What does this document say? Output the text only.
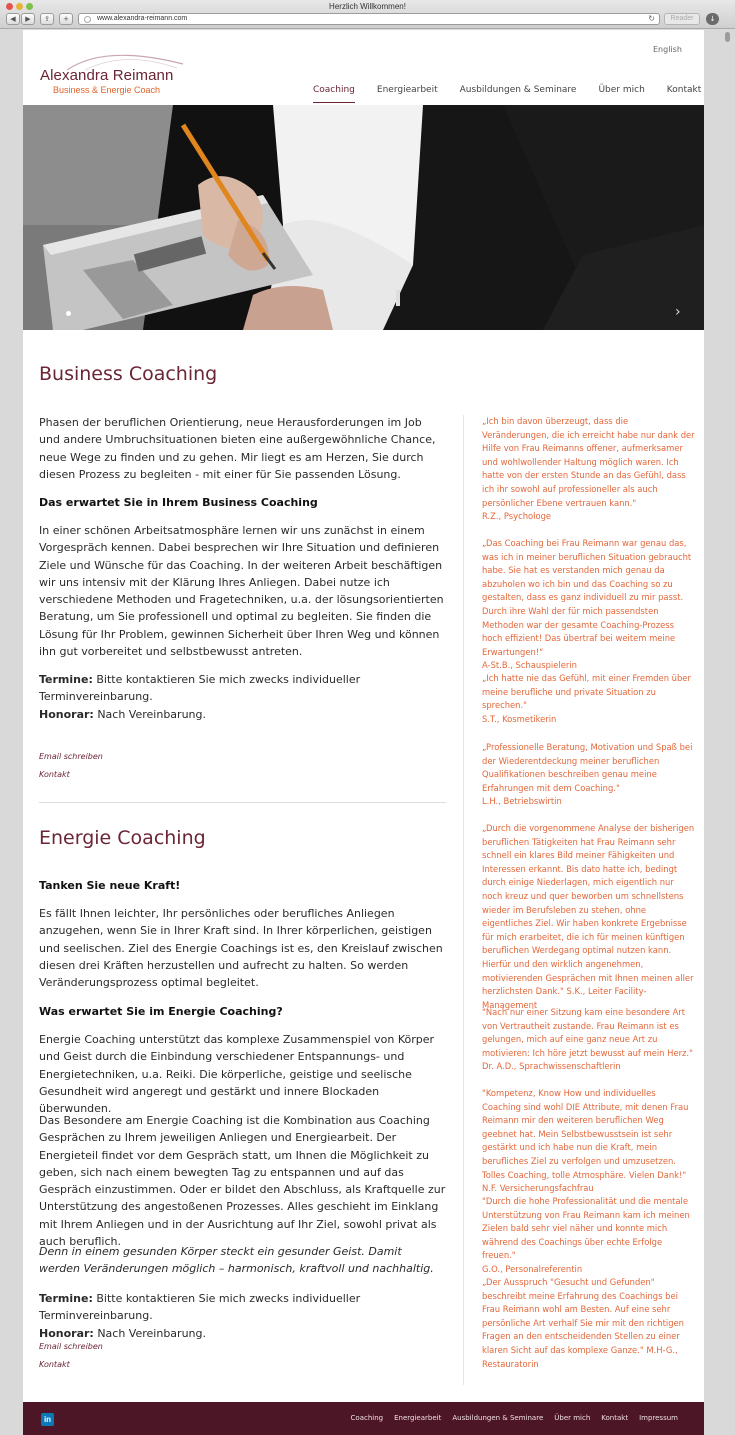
Herzlich Willkommen!
◀	▶	⇪	+	www.alexandra-reimann.com	↻	Reader	↓
Alexandra Reimann
Business & Energie Coach
English
Coaching Energiearbeit Ausbildungen & Seminare Über mich Kontakt
›
Business Coaching

Phasen der beruflichen Orientierung, neue Herausforderungen im Job und andere Umbruchsituationen bieten eine außergewöhnliche Chance, neue Wege zu finden und zu gehen. Mir liegt es am Herzen, Sie durch diesen Prozess zu begleiten - mit einer für Sie passenden Lösung.

Das erwartet Sie in Ihrem Business Coaching

In einer schönen Arbeitsatmosphäre lernen wir uns zunächst in einem Vorgespräch kennen. Dabei besprechen wir Ihre Situation und definieren Ziele und Wünsche für das Coaching. In der weiteren Arbeit beschäftigen wir uns intensiv mit der Klärung Ihres Anliegen. Dabei nutze ich verschiedene Methoden und Fragetechniken, u.a. der lösungsorientierten Beratung, um Sie professionell und optimal zu begleiten. Sie finden die Lösung für Ihr Problem, gewinnen Sicherheit über Ihren Weg und können ihn gut vorbereitet und selbstbewusst antreten.

Termine: Bitte kontaktieren Sie mich zwecks individueller Terminvereinbarung.
Honorar: Nach Vereinbarung.

Email schreiben
Kontakt
Energie Coaching
Tanken Sie neue Kraft!

Es fällt Ihnen leichter, Ihr persönliches oder berufliches Anliegen anzugehen, wenn Sie in Ihrer Kraft sind. In Ihrer körperlichen, geistigen und seelischen. Ziel des Energie Coachings ist es, den Kreislauf zwischen diesen drei Kräften herzustellen und aufrecht zu halten. So werden Veränderungsprozess optimal begleitet.

Was erwartet Sie im Energie Coaching?

Energie Coaching unterstützt das komplexe Zusammenspiel von Körper und Geist durch die Einbindung verschiedener Entspannungs- und Energietechniken, u.a. Reiki. Die körperliche, geistige und seelische Gesundheit wird angeregt und gestärkt und innere Blockaden überwunden.

Das Besondere am Energie Coaching ist die Kombination aus Coaching Gesprächen zu Ihrem jeweiligen Anliegen und Energiearbeit. Der Energieteil findet vor dem Gespräch statt, um Ihnen die Möglichkeit zu geben, sich nach einem bewegten Tag zu entspannen und auf das Gespräch einzustimmen. Oder er bildet den Abschluss, als Kraftquelle zur Unterstützung des angestoßenen Prozesses. Alles geschieht im Einklang mit Ihrem Anliegen und in der Ausrichtung auf Ihr Ziel, sowohl privat als auch beruflich.

Denn in einem gesunden Körper steckt ein gesunder Geist. Damit werden Veränderungen möglich – harmonisch, kraftvoll und nachhaltig.

Termine: Bitte kontaktieren Sie mich zwecks individueller Terminvereinbarung.
Honorar: Nach Vereinbarung.

Email schreiben
Kontakt
„Ich bin davon überzeugt, dass die Veränderungen, die ich erreicht habe nur dank der Hilfe von Frau Reimanns offener, aufmerksamer und wohlwollender Haltung möglich waren. Ich hatte von der ersten Stunde an das Gefühl, dass ich ihr sowohl auf professioneller als auch persönlicher Ebene vertrauen kann."
R.Z., Psychologe
„Das Coaching bei Frau Reimann war genau das, was ich in meiner beruflichen Situation gebraucht habe. Sie hat es verstanden mich genau da abzuholen wo ich bin und das Coaching so zu gestalten, dass es ganz individuell zu mir passt. Durch ihre Wahl der für mich passendsten Methoden war der gesamte Coaching-Prozess hoch effizient! Das übertraf bei weitem meine Erwartungen!"
A-St.B., Schauspielerin
„Ich hatte nie das Gefühl, mit einer Fremden über meine berufliche und private Situation zu sprechen."
S.T., Kosmetikerin
„Professionelle Beratung, Motivation und Spaß bei der Wiederentdeckung meiner beruflichen Qualifikationen beschreiben genau meine Erfahrungen mit dem Coaching."
L.H., Betriebswirtin
„Durch die vorgenommene Analyse der bisherigen beruflichen Tätigkeiten hat Frau Reimann sehr schnell ein klares Bild meiner Fähigkeiten und Interessen erkannt. Bis dato hatte ich, bedingt durch einige Niederlagen, mich eigentlich nur noch kreuz und quer beworben um schnellstens wieder im Berufsleben zu stehen, ohne eigentliches Ziel. Wir haben konkrete Ergebnisse für mich erarbeitet, die ich für meinen künftigen beruflichen Werdegang optimal nutzen kann. Hierfür und den wirklich angenehmen, motivierenden Gesprächen mit Ihnen meinen aller herzlichsten Dank." S.K., Leiter Facility-Management
"Nach nur einer Sitzung kam eine besondere Art von Vertrautheit zustande. Frau Reimann ist es gelungen, mich auf eine ganz neue Art zu motivieren: Ich höre jetzt bewusst auf mein Herz."
Dr. A.D., Sprachwissenschaftlerin
"Kompetenz, Know How und individuelles Coaching sind wohl DIE Attribute, mit denen Frau Reimann mir den weiteren beruflichen Weg geebnet hat. Mein Selbstbewusstsein ist sehr gestärkt und ich habe nun die Kraft, mein berufliches Ziel zu verfolgen und umzusetzen. Tolles Coaching, tolle Atmosphäre. Vielen Dank!" N.F. Versicherungsfachfrau
"Durch die hohe Professionalität und die mentale Unterstützung von Frau Reimann kam ich meinen Zielen bald sehr viel näher und konnte mich während des Coachings über echte Erfolge freuen."
G.O., Personalreferentin
„Der Ausspruch "Gesucht und Gefunden" beschreibt meine Erfahrung des Coachings bei Frau Reimann wohl am Besten. Auf eine sehr persönliche Art verhalf Sie mir mit den richtigen Fragen an den entscheidenden Stellen zu einer klaren Sicht auf das komplexe Ganze." M.H-G., Restauratorin
in	Coaching Energiearbeit Ausbildungen & Seminare Über mich Kontakt Impressum
